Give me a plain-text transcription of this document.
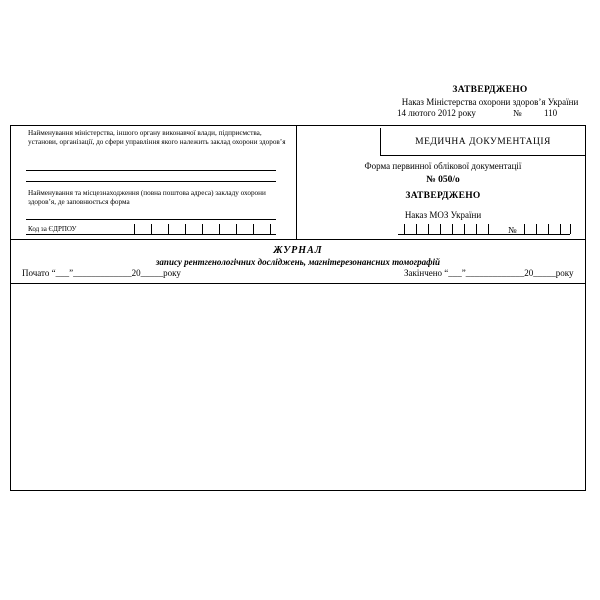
ЗАТВЕРДЖЕНО
Наказ Міністерства охорони здоров’я України
14 лютого 2012 року	№ 110
Найменування міністерства, іншого органу виконавчої влади, підприємства, установи, організації, до сфери управління якого належить заклад охорони здоров’я
Найменування та місцезнаходження (повна поштова адреса) закладу охорони здоров’я, де заповнюється форма
Код за ЄДРПОУ
МЕДИЧНА ДОКУМЕНТАЦІЯ
Форма первинної облікової документації
№ 050/о
ЗАТВЕРДЖЕНО
Наказ МОЗ України
№
ЖУРНАЛ
запису рентгенологічних досліджень, магнітерезонансних томографій
Почато “___”_____________20_____року	Закінчено “___”_____________20_____року
